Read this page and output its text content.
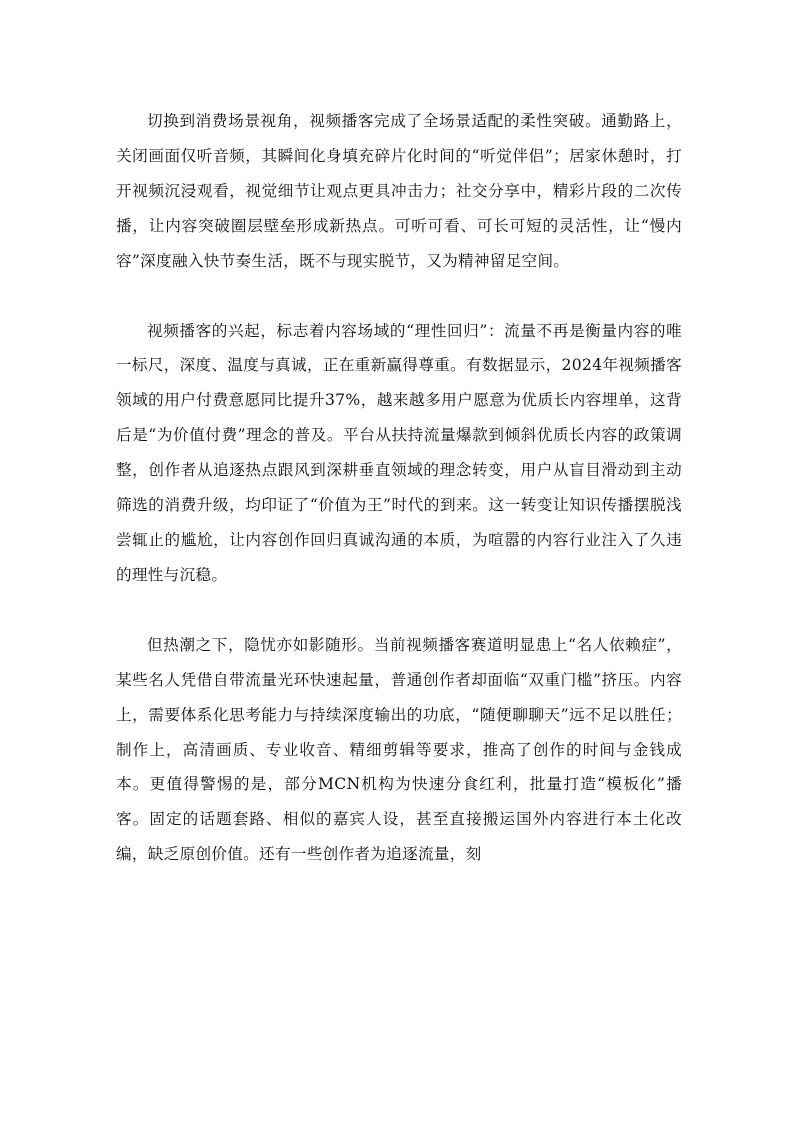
切换到消费场景视角，视频播客完成了全场景适配的柔性突破。通勤路上，关闭画面仅听音频，其瞬间化身填充碎片化时间的“听觉伴侣”；居家休憩时，打开视频沉浸观看，视觉细节让观点更具冲击力；社交分享中，精彩片段的二次传播，让内容突破圈层壁垒形成新热点。可听可看、可长可短的灵活性，让“慢内容”深度融入快节奏生活，既不与现实脱节，又为精神留足空间。

视频播客的兴起，标志着内容场域的“理性回归”：流量不再是衡量内容的唯一标尺，深度、温度与真诚，正在重新赢得尊重。有数据显示，2024年视频播客领域的用户付费意愿同比提升37%，越来越多用户愿意为优质长内容埋单，这背后是“为价值付费”理念的普及。平台从扶持流量爆款到倾斜优质长内容的政策调整，创作者从追逐热点跟风到深耕垂直领域的理念转变，用户从盲目滑动到主动筛选的消费升级，均印证了“价值为王”时代的到来。这一转变让知识传播摆脱浅尝辄止的尴尬，让内容创作回归真诚沟通的本质，为喧嚣的内容行业注入了久违的理性与沉稳。

但热潮之下，隐忧亦如影随形。当前视频播客赛道明显患上“名人依赖症”，某些名人凭借自带流量光环快速起量，普通创作者却面临“双重门槛”挤压。内容上，需要体系化思考能力与持续深度输出的功底，“随便聊聊天”远不足以胜任；制作上，高清画质、专业收音、精细剪辑等要求，推高了创作的时间与金钱成本。更值得警惕的是，部分MCN机构为快速分食红利，批量打造“模板化”播客。固定的话题套路、相似的嘉宾人设，甚至直接搬运国外内容进行本土化改编，缺乏原创价值。还有一些创作者为追逐流量，刻
